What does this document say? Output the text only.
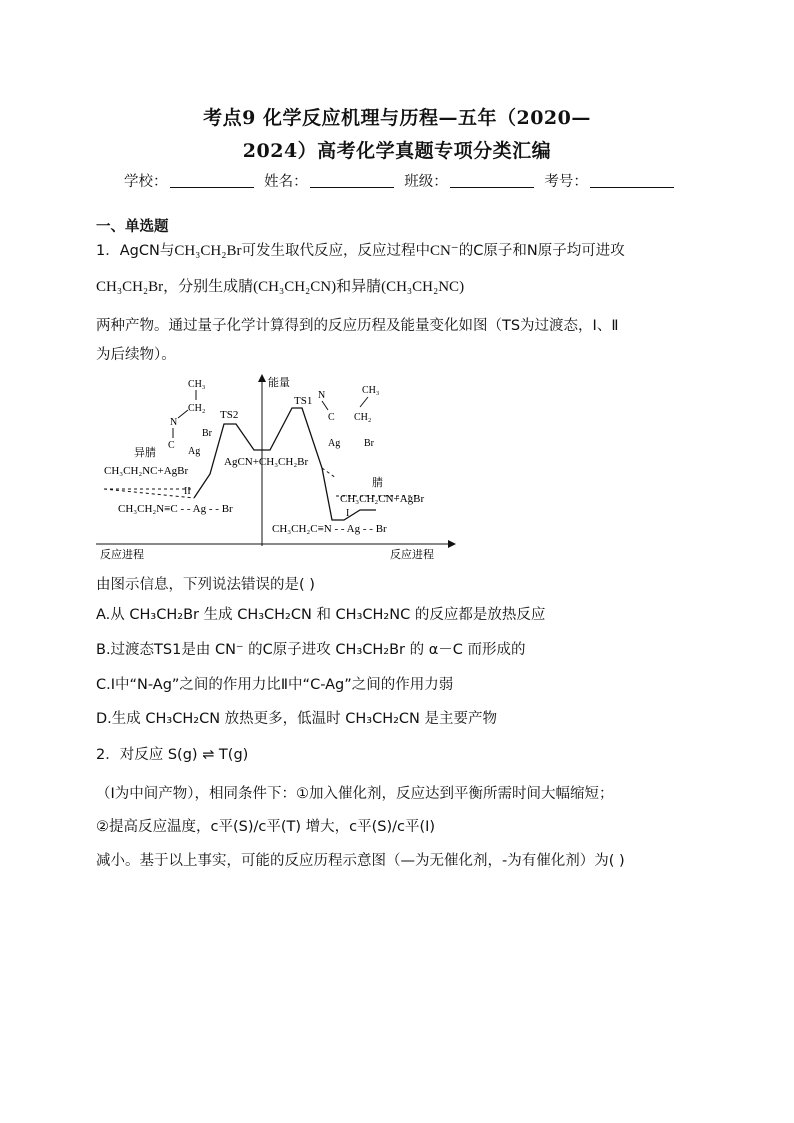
考点9 化学反应机理与历程—五年（2020—
2024）高考化学真题专项分类汇编
学校：	姓名：	班级：	考号：
一、单选题
1．AgCN与CH₃CH₂Br可发生取代反应，反应过程中CN⁻的C原子和N原子均可进攻
CH₃CH₂Br，分别生成腈(CH₃CH₂CN)和异腈(CH₃CH₂NC)
两种产物。通过量子化学计算得到的反应历程及能量变化如图（TS为过渡态，Ⅰ、Ⅱ
为后续物）。
能量
反应进程	反应进程
TS2
TS1
AgCN+CH₃CH₂Br
异腈
CH₃CH₂NC+AgBr
II
CH₃CH₂N≡C - - Ag - - Br
腈
CH₃CH₂CN+AgBr
I
CH₃CH₂C≡N - - Ag - - Br
CH₃
CH₂
N
C
Ag
Br
CH₃
N
C CH₂
Ag Br
由图示信息，下列说法错误的是( )
A.从 CH₃CH₂Br 生成 CH₃CH₂CN 和 CH₃CH₂NC 的反应都是放热反应
B.过渡态TS1是由 CN⁻ 的C原子进攻 CH₃CH₂Br 的 α－C 而形成的
C.Ⅰ中“N-Ag”之间的作用力比Ⅱ中“C-Ag”之间的作用力弱
D.生成 CH₃CH₂CN 放热更多，低温时 CH₃CH₂CN 是主要产物
2．对反应 S(g) ⇌ T(g)
（I为中间产物），相同条件下：①加入催化剂，反应达到平衡所需时间大幅缩短；
②提高反应温度，c平(S)/c平(T) 增大，c平(S)/c平(I)
减小。基于以上事实，可能的反应历程示意图（—为无催化剂，-为有催化剂）为( )
